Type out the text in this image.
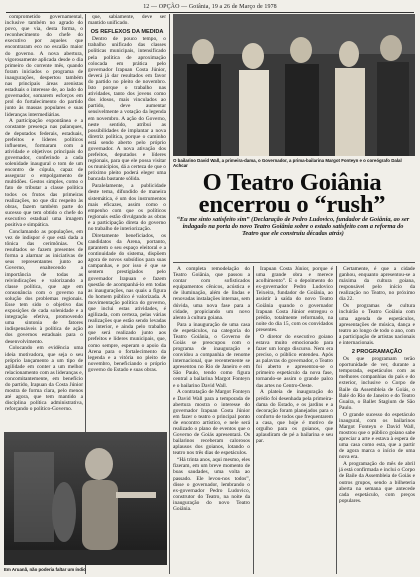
12 — OPÇÃO — Goiânia, 19 a 26 de Março de 1978

comprometido governamental, inclusive também no agrado do povo, que via, desta forma, o reconhecimento do chefe do executivo por aqueles que encontraram eco no escalão maior do governo. A nova abertura, vigorosamente aplicada desde o dia primeiro do corrente mês, quando foram iniciados o programa de inaugurações, despertou também nas principais áreas arenistas estaduais o interesse de, ao lado do governador, somarem esforços em prol do fortalecimento do partido junto às massas populares e suas lideranças intermediárias.

A participação expontânea e a constante presença nas palanques, de deputados federais, estaduais, prefeitos e líderes políticos influentes, formaram com a atividade e objetivos principais do governador, conferindo a cada solenidade inaugural o tom de um encontro de cúpula, capaz de assegurar o empolgamento de multidões. Gestos simples, como o fato de tributar a classe política todos os frutos das primeiras realizações, no que diz respeito às obras, fazem também parte do sucesso que tem obtido o chefe do executivo estadual uma imagem positiva e simpática.

Conclamando as populações, em vez de indispor é que está dada a tônica das cerimônias. Os resultados se fazem presentes de forma a alarmar as iniciativas de seus representantes junto ao Governo, enaltecendo a importância de todas as reivindicações e valorizando a classe política, que age em consonância com o governo na solução dos problemas regionais. Esse tem sido o objetivo das exposições de cada solenidade e a integração efetiva, promovendo uma sintonia de fatores indispensáveis à política de ação dos governos estaduais para o desenvolvimento.

Colocando em evidência uma ideia motivadora, que seja o seu próprio lançamento a um tipo de agilidade em conter a um melhor relacionamento com as lideranças e, concomitantemente, em benefício do partido, Irapuan da Costa Júnior mostra de forma clara, pelo menos até agora, que tem mantido a disciplina política administrativa, reforçando o político-Governo.

que, sabiamente, deve ser mantido unificado.

OS REFLEXOS DA MEDIDA

Dentro de pouco tempo, o trabalho unificado das classes políticas municipais, intensificado pela política de aproximação colocada em prática pelo governador Irapuan Costa Júnior, deverá já dar resultados em favor do partido no pleito de novembro. Isto porque o trabalho nas atividades, tanto dos jovens como dos idosos, mais vinculados ao partido, deve aumentar sensivelmente a votação da legenda em novembro. A ação do Governo, neste sentido, atribui as possibilidades de implantar a nova diretriz política, porque o caminho está sendo aberto pelo próprio governador. A nova ativação dos prefeitos, deputados e líderes regionais, para que ele possa visitar os municípios, dá a certeza de que o próximo pleito poderá eleger uma bancada bastante sólida.

Paralelamente, a publicidade deste tema, difundido de maneira sistemática, é um dos instrumentos mais eficazes, assim como o empenho com que os políticos regionais estão divulgando as obras e a participação direta do governo no trabalho de interiorização.

Diretamente beneficiados, os candidatos da Arena, portanto, garantem o seu espaço eleitoral e a continuidade do sistema, dispõem agora de novos subsídios para suas campanhas, e por isso é que se sentem prestigiados pelo governador Irapuan e fazem questão de acompanhá-lo em todas as inaugurações, nas quais a figura do homem público é valorizada. A movimentação política do governo, que inclui estas atividades, é agilizada, com certeza, pelas várias realizações que estão sendo levadas ao interior, e ainda pelo trabalho que será realizado junto aos prefeitos e líderes municipais, que, como sempre, esperam o apoio da Arena para o fortalecimento da legenda e a vitória no pleito de novembro, beneficiando o próprio governo do Estado e suas obras.

Em Aruanã, não poderia faltar um índio
O bailarino David Wall, a primeira-dama, o Governador, a prima-bailarina Margot Fonteyn e o coreógrafo Dalal Achcar
O Teatro Goiânia
encerrou o “rush”
“Eu me sinto satisfeito sim” (Declaração de Pedro Ludovico, fundador de Goiânia, ao ser indagado na porta do novo Teatro Goiânia sobre o estado satisfeito com a reforma do Teatro que ele construiu décadas atrás)

A completa remodelação do Teatro Goiânia, que passou a contar com sofisticados equipamentos cênicos, acústica e de iluminação, além de lindas e renovadas instalações internas, sem dúvida, uma nova fase para a cidade, propiciando um novo alento à cultura goiana.

Para a inauguração de uma casa de espetáculos, na categoria do Teatro Goiânia, o Governo de Goiás se preocupou com o programa de inauguração e convidou a companhia de renome internacional, que recentemente se apresentou no Rio de Janeiro e em São Paulo, tendo como figura central a bailarina Margot Fonteyn e o bailarino David Wall.

A contratação de Margot Fonteyn e David Wall para a temporada de abertura mostra o interesse do governador Irapuan Costa Júnior em fazer o teatro o principal ponto de encontro artístico, e nele será realizado o plano de eventos que o Governo de Goiás apresentará. Os bailarinos receberam calorosos aplausos dos goianos, lotando o teatro nos três dias de espetáculos.

“Há trinta anos, aqui mesmo, eles fizeram, em um breve momento de boas saudades, uma volta ao passado. Ele levou-nos todos”, disse o governador, lembrando o ex-governador Pedro Ludovico, construtor do Teatro, na noite da inauguração do novo Teatro Goiânia.

Irapuan Costa Júnior, porque é uma grande obra e merece acolhimento”. E o depoimento do ex-governador Pedro Ludovico Teixeira, fundador de Goiânia, ao assistir à saída do novo Teatro Goiânia quando o governador Irapuan Costa Júnior entregou o prédio, totalmente reformado, na noite do dia 15, com os convidados presentes.

O diretor do executivo goiano estava muito emocionado para fazer um longo discurso. Nem era preciso, o público entendeu. Após as palavras do governador, o Teatro foi aberto e apresentou-se o primeiro espetáculo da nova fase, tornando-se assim o grande palco das artes no Centro-Oeste.

A plateia de inauguração do prédio foi desenhada pela primeira-dama do Estado, e os jardins e a decoração foram planejados para o conforto de todos que frequentarem a casa, que hoje é motivo de orgulho para os goianos, que aplaudiram de pé a bailarina e seu par.

Certamente, é que a cidade ganhou, enquanto apresentou-se a máxima da cultura goiana, responsável pelo início da realização no Teatro, no próximo dia 22.

Os programas de cultura incluirão o Teatro Goiânia com uma agenda de espetáculos, apresentações de música, dança e teatro ao longo de todo o ano, com a participação de artistas nacionais e internacionais.

2 PROGRAMAÇÃO

Os que programam terão oportunidade de ver, durante a temporada, espetáculos com as melhores companhias do país e do exterior, inclusive o Corpo de Baile da Assembleia de Goiás, o Balé do Rio de Janeiro e do Teatro Guaíra, o Ballet Stagium de São Paulo.

O grande sucesso do espetáculo inaugural, com os bailarinos Margot Fonteyn e David Wall, mostrou que o público goiano sabe apreciar a arte e estava à espera de uma casa como esta, que a partir de agora marca o início de uma nova era.

A programação do mês de abril já está confirmada e inclui o Corpo de Baile da Assembleia de Goiás e outros grupos, sendo a bilheteria aberta na semana que antecede cada espetáculo, com preços populares.
